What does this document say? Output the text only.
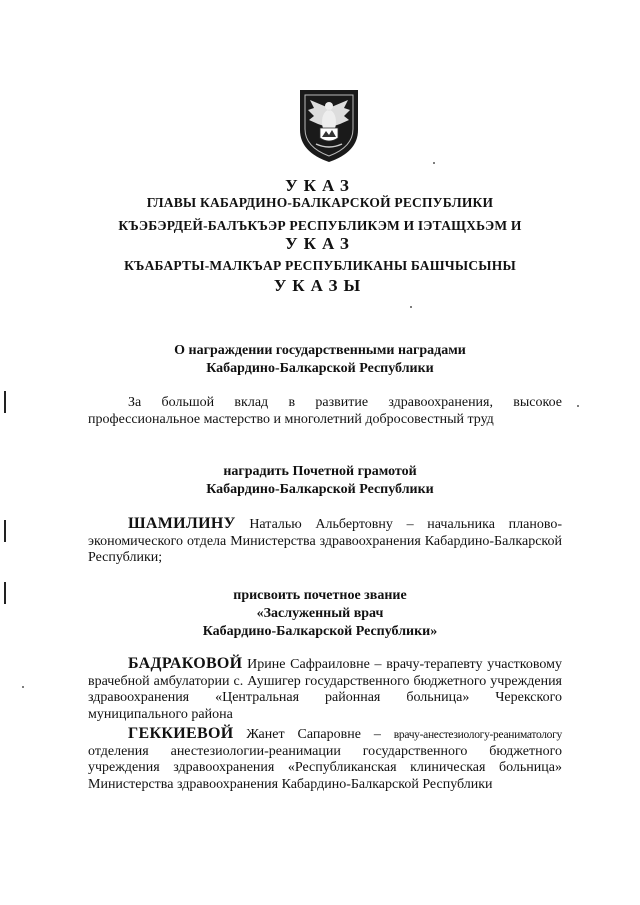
УКАЗ
ГЛАВЫ КАБАРДИНО-БАЛКАРСКОЙ РЕСПУБЛИКИ
КЪЭБЭРДЕЙ-БАЛЪКЪЭР РЕСПУБЛИКЭМ И ІЭТАЩХЬЭМ И
УКАЗ
КЪАБАРТЫ-МАЛКЪАР РЕСПУБЛИКАНЫ БАШЧЫСЫНЫ
УКАЗЫ
О награждении государственными наградами
Кабардино-Балкарской Республики
За большой вклад в развитие здравоохранения, высокое профессиональное мастерство и многолетний добросовестный труд
наградить Почетной грамотой
Кабардино-Балкарской Республики
ШАМИЛИНУ Наталью Альбертовну – начальника планово-экономического отдела Министерства здравоохранения Кабардино-Балкарской Республики;
присвоить почетное звание
«Заслуженный врач
Кабардино-Балкарской Республики»
БАДРАКОВОЙ Ирине Сафраиловне – врачу-терапевту участковому врачебной амбулатории с. Аушигер государственного бюджетного учреждения здравоохранения «Центральная районная больница» Черекского муниципального района
ГЕККИЕВОЙ Жанет Сапаровне – врачу-анестезиологу-реаниматологу отделения анестезиологии-реанимации государственного бюджетного учреждения здравоохранения «Республиканская клиническая больница» Министерства здравоохранения Кабардино-Балкарской Республики
